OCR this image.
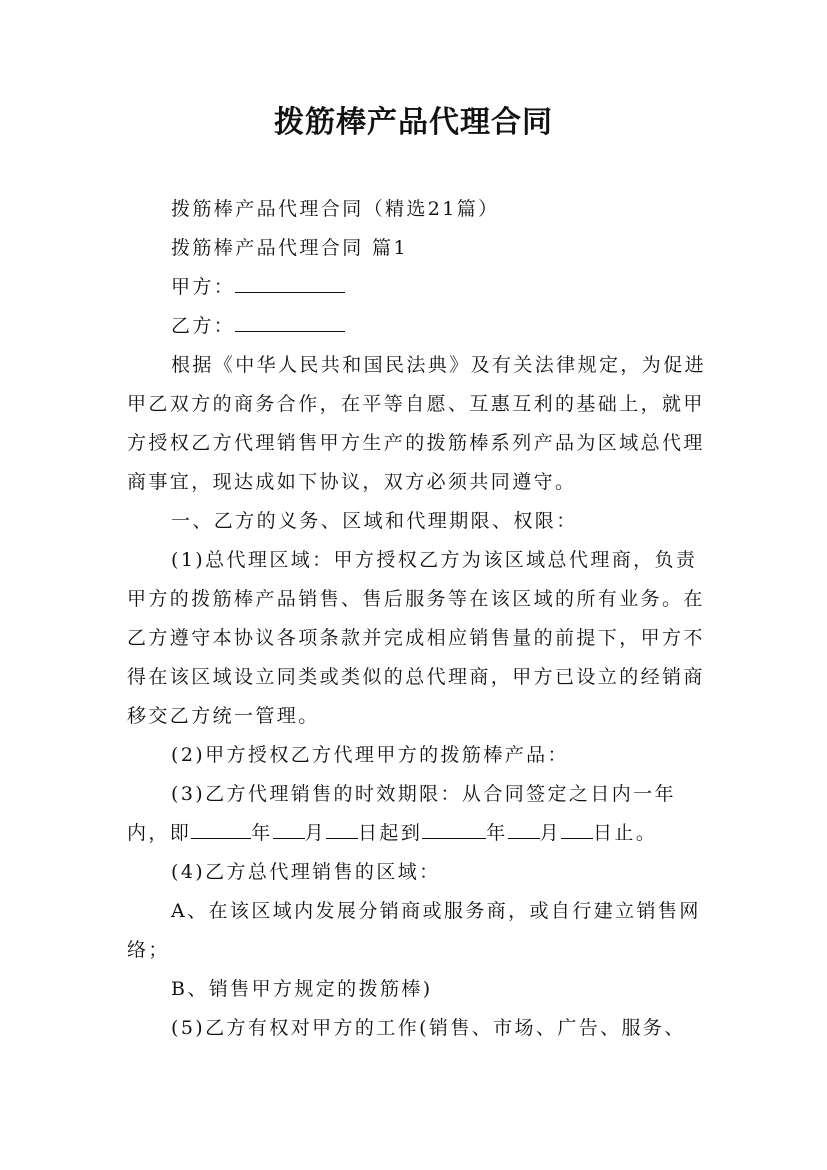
拨筋棒产品代理合同

拨筋棒产品代理合同（精选21篇）

拨筋棒产品代理合同 篇1

甲方：

乙方：

根据《中华人民共和国民法典》及有关法律规定，为促进甲乙双方的商务合作，在平等自愿、互惠互利的基础上，就甲方授权乙方代理销售甲方生产的拨筋棒系列产品为区域总代理商事宜，现达成如下协议，双方必须共同遵守。

一、乙方的义务、区域和代理期限、权限：

(1)总代理区域：甲方授权乙方为该区域总代理商，负责甲方的拨筋棒产品销售、售后服务等在该区域的所有业务。在乙方遵守本协议各项条款并完成相应销售量的前提下，甲方不得在该区域设立同类或类似的总代理商，甲方已设立的经销商移交乙方统一管理。

(2)甲方授权乙方代理甲方的拨筋棒产品：

(3)乙方代理销售的时效期限：从合同签定之日内一年内，即	年 月 日起到	年 月 日止。

(4)乙方总代理销售的区域：

A、在该区域内发展分销商或服务商，或自行建立销售网络；

B、销售甲方规定的拨筋棒)

(5)乙方有权对甲方的工作(销售、市场、广告、服务、
